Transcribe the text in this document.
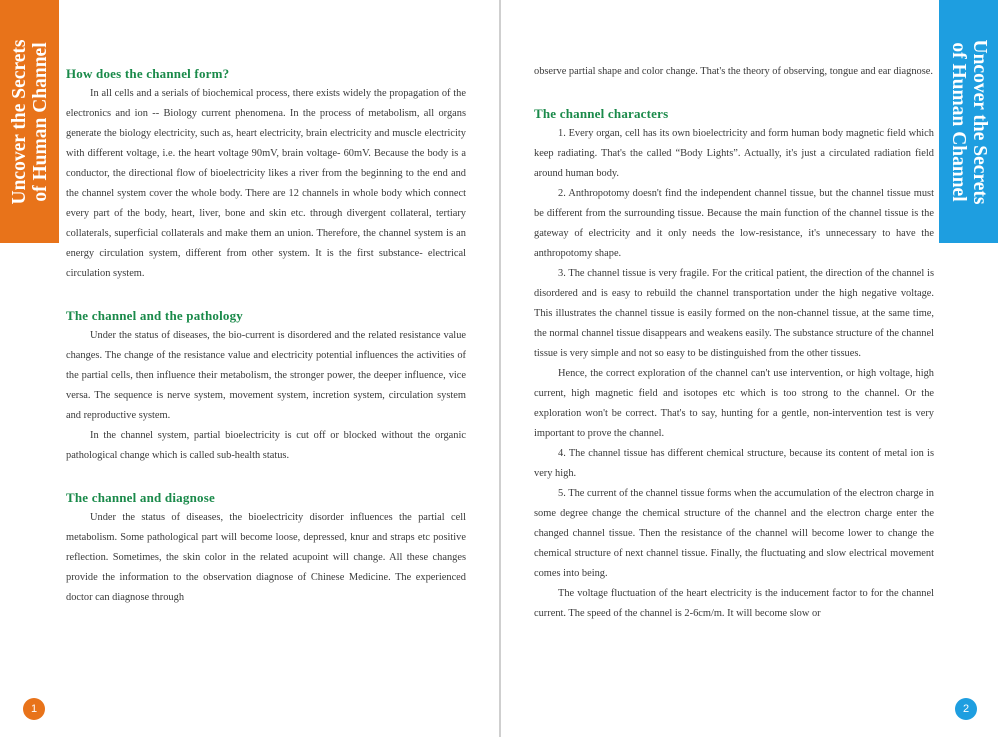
Uncover the Secrets of Human Channel	Uncover the Secrets
of Human Channel
How does the channel form?

In all cells and a serials of biochemical process, there exists widely the propagation of the electronics and ion -- Biology current phenomena. In the process of metabolism, all organs generate the biology electricity, such as, heart electricity, brain electricity and muscle electricity with different voltage, i.e. the heart voltage 90mV, brain voltage- 60mV. Because the body is a conductor, the directional flow of bioelectricity likes a river from the beginning to the end and the channel system cover the whole body. There are 12 channels in whole body which connect every part of the body, heart, liver, bone and skin etc. through divergent collateral, tertiary collaterals, superficial collaterals and make them an union. Therefore, the channel system is an energy circulation system, different from other system. It is the first substance- electrical circulation system.

The channel and the pathology

Under the status of diseases, the bio-current is disordered and the related resistance value changes. The change of the resistance value and electricity potential influences the activities of the partial cells, then influence their metabolism, the stronger power, the deeper influence, vice versa. The sequence is nerve system, movement system, incretion system, circulation system and reproductive system.

In the channel system, partial bioelectricity is cut off or blocked without the organic pathological change which is called sub-health status.

The channel and diagnose

Under the status of diseases, the bioelectricity disorder influences the partial cell metabolism. Some pathological part will become loose, depressed, knur and straps etc positive reflection. Sometimes, the skin color in the related acupoint will change. All these changes provide the information to the observation diagnose of Chinese Medicine. The experienced doctor can diagnose through

observe partial shape and color change. That's the theory of observing, tongue and ear diagnose.

The channel characters

1. Every organ, cell has its own bioelectricity and form human body magnetic field which keep radiating. That's the called “Body Lights”. Actually, it's just a circulated radiation field around human body.

2. Anthropotomy doesn't find the independent channel tissue, but the channel tissue must be different from the surrounding tissue. Because the main function of the channel tissue is the gateway of electricity and it only needs the low-resistance, it's unnecessary to have the anthropotomy shape.

3. The channel tissue is very fragile. For the critical patient, the direction of the channel is disordered and is easy to rebuild the channel transportation under the high negative voltage. This illustrates the channel tissue is easily formed on the non-channel tissue, at the same time, the normal channel tissue disappears and weakens easily. The substance structure of the channel tissue is very simple and not so easy to be distinguished from the other tissues.

Hence, the correct exploration of the channel can't use intervention, or high voltage, high current, high magnetic field and isotopes etc which is too strong to the channel. Or the exploration won't be correct. That's to say, hunting for a gentle, non-intervention test is very important to prove the channel.

4. The channel tissue has different chemical structure, because its content of metal ion is very high.

5. The current of the channel tissue forms when the accumulation of the electron charge in some degree change the chemical structure of the channel and the electron charge enter the changed channel tissue. Then the resistance of the channel will become lower to change the chemical structure of next channel tissue. Finally, the fluctuating and slow electrical movement comes into being.

The voltage fluctuation of the heart electricity is the inducement factor to for the channel current. The speed of the channel is 2-6cm/m. It will become slow or

1	2
